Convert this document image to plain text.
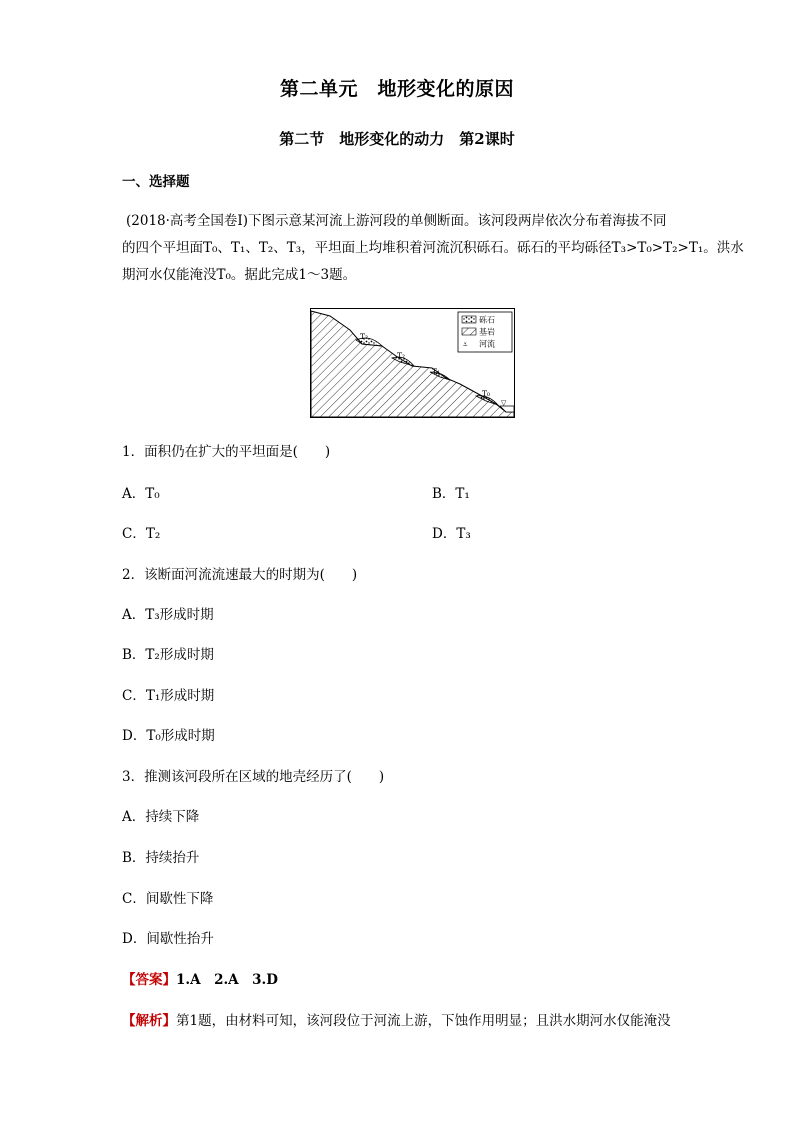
第二单元　地形变化的原因
第二节　地形变化的动力　第2课时
一、选择题

(2018·高考全国卷Ⅰ)下图示意某河流上游河段的单侧断面。该河段两岸依次分布着海拔不同

的四个平坦面T₀、T₁、T₂、T₃，平坦面上均堆积着河流沉积砾石。砾石的平均砾径T₃>T₀>T₂>T₁。洪水

期河水仅能淹没T₀。据此完成1～3题。

▽
T₃
T₂
T₁
T₀
砾石
基岩
⩡ 河流
1．面积仍在扩大的平坦面是(　　)
A．T₀	B．T₁
C．T₂	D．T₃
2．该断面河流流速最大的时期为(　　)
A．T₃形成时期
B．T₂形成时期
C．T₁形成时期
D．T₀形成时期
3．推测该河段所在区域的地壳经历了(　　)
A．持续下降
B．持续抬升
C．间歇性下降
D．间歇性抬升
【答案】1.A　2.A　3.D
【解析】第1题，由材料可知，该河段位于河流上游，下蚀作用明显；且洪水期河水仅能淹没
